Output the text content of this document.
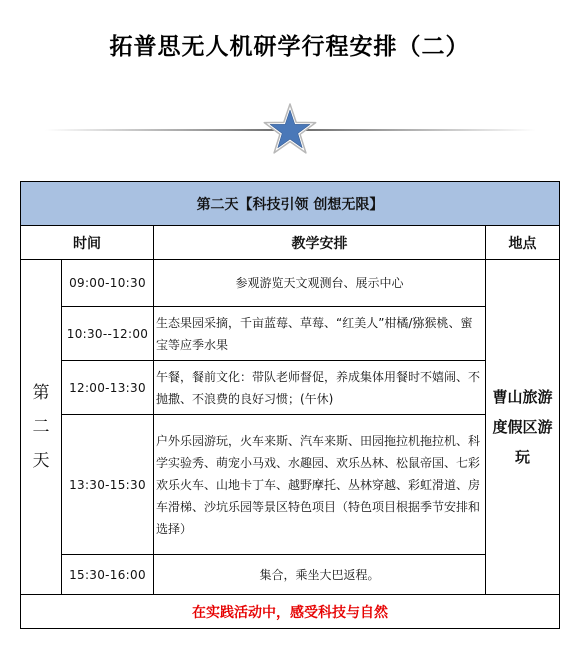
拓普思无人机研学行程安排（二）
第二天【科技引领 创想无限】			
时间		教学安排	地点

第二天	09:00-10:30	参观游览天文观测台、展示中心	曹山旅游度假区游玩

	10:30--12:00	生态果园采摘，千亩蓝莓、草莓、“红美人”柑橘/猕猴桃、蜜宝等应季水果	
	12:00-13:30	午餐，餐前文化：带队老师督促，养成集体用餐时不嬉闹、不抛撒、不浪费的良好习惯；(午休)	
	13:30-15:30	户外乐园游玩，火车来斯、汽车来斯、田园拖拉机拖拉机、科学实验秀、萌宠小马戏、水趣园、欢乐丛林、松鼠帝国、七彩欢乐火车、山地卡丁车、越野摩托、丛林穿越、彩虹滑道、房车滑梯、沙坑乐园等景区特色项目（特色项目根据季节安排和选择）	
	15:30-16:00	集合，乘坐大巴返程。	
在实践活动中，感受科技与自然			
